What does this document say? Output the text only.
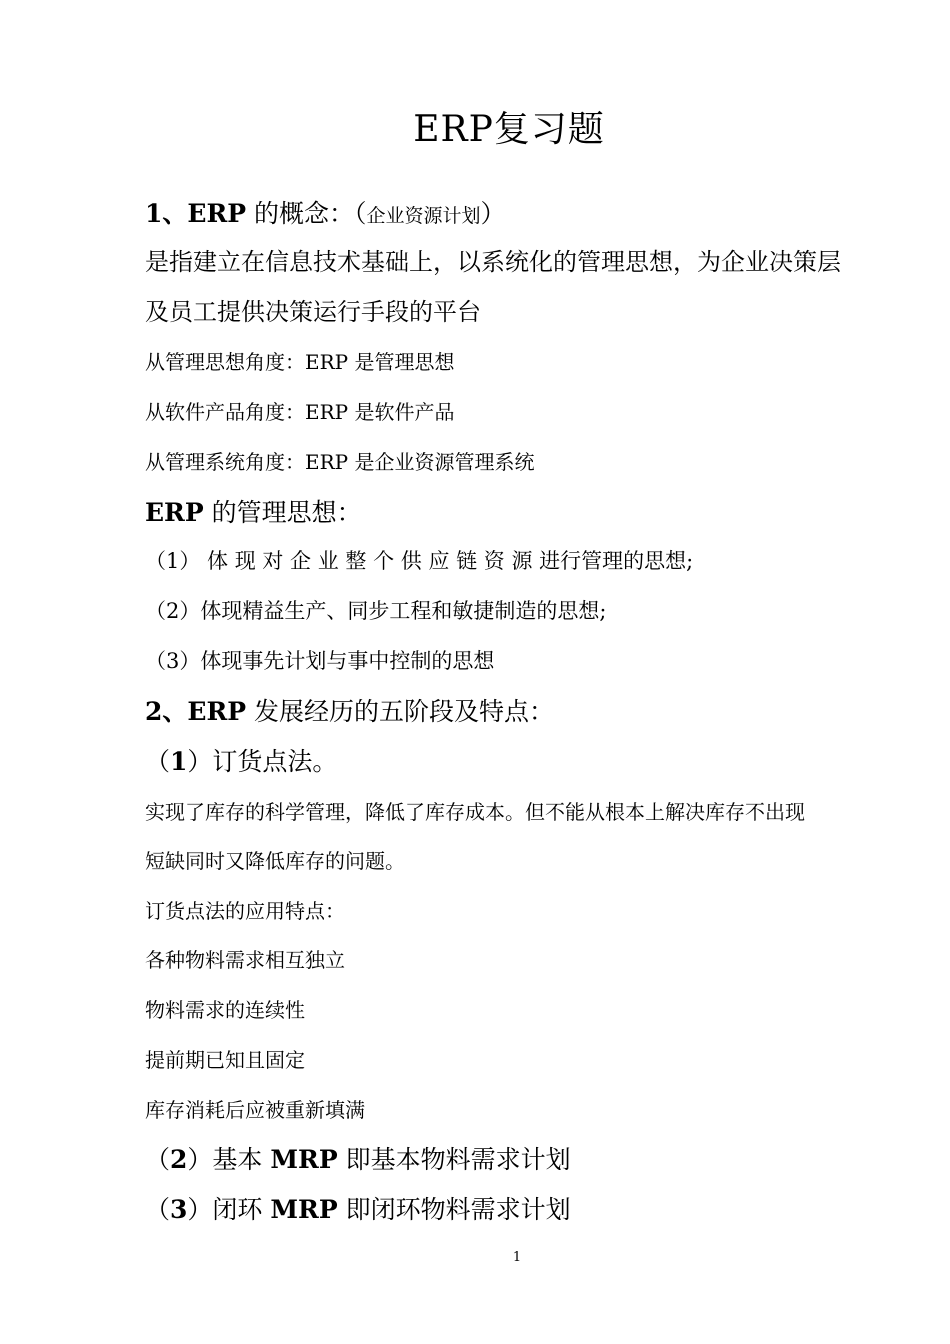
ERP复习题
1、ERP 的概念：（企业资源计划）
是指建立在信息技术基础上，以系统化的管理思想，为企业决策层
及员工提供决策运行手段的平台
从管理思想角度：ERP 是管理思想
从软件产品角度：ERP 是软件产品
从管理系统角度：ERP 是企业资源管理系统
ERP 的管理思想：
（1） 体 现 对 企 业 整 个 供 应 链 资 源 进行管理的思想;
（2）体现精益生产、同步工程和敏捷制造的思想;
（3）体现事先计划与事中控制的思想
2、ERP 发展经历的五阶段及特点：
（1）订货点法。
实现了库存的科学管理，降低了库存成本。但不能从根本上解决库存不出现
短缺同时又降低库存的问题。
订货点法的应用特点：
各种物料需求相互独立
物料需求的连续性
提前期已知且固定
库存消耗后应被重新填满
（2）基本 MRP 即基本物料需求计划
（3）闭环 MRP 即闭环物料需求计划
1
